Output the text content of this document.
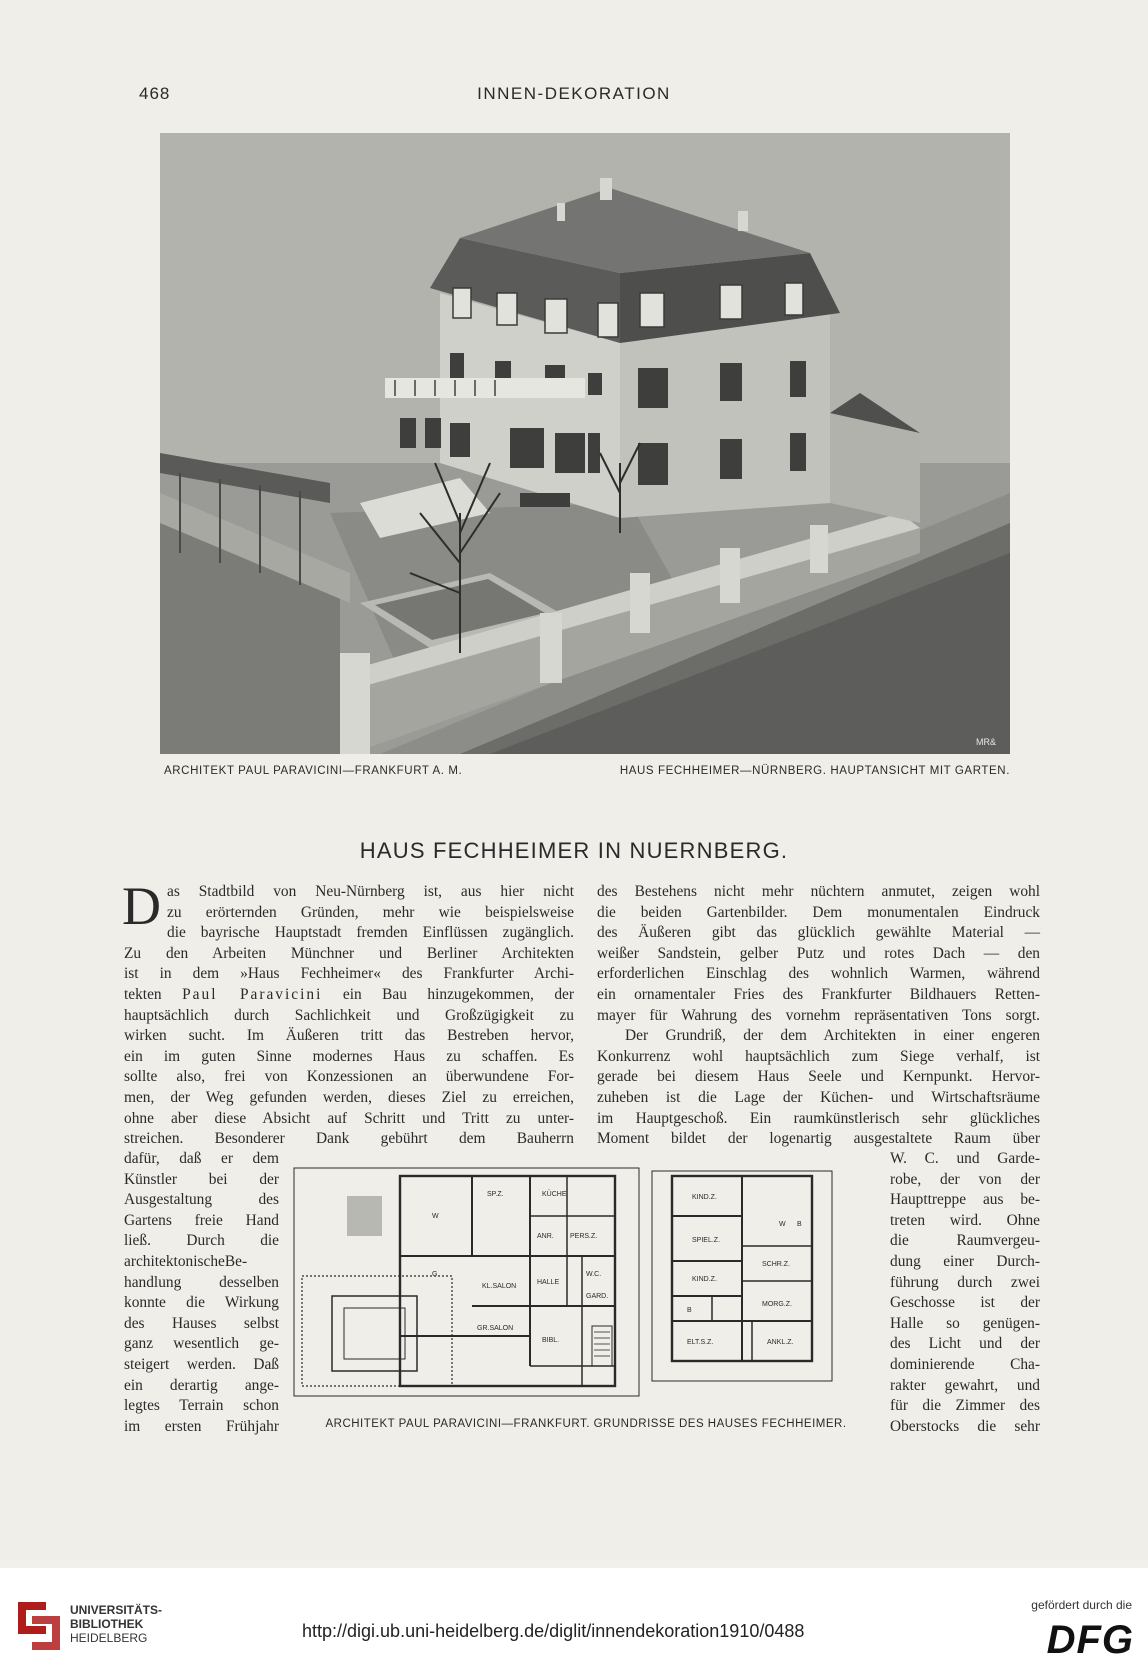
468	INNEN-DEKORATION
MR&
ARCHITEKT PAUL PARAVICINI—FRANKFURT A. M.	HAUS FECHHEIMER—NÜRNBERG. HAUPTANSICHT MIT GARTEN.
HAUS FECHHEIMER IN NUERNBERG.
D as Stadtbild von Neu-Nürnberg ist, aus hier nicht
zu erörternden Gründen, mehr wie beispielsweise
die bayrische Hauptstadt fremden Einflüssen zugänglich.
Zu den Arbeiten Münchner und Berliner Architekten
ist in dem »Haus Fechheimer« des Frankfurter Archi-
tekten Paul Paravicini ein Bau hinzugekommen, der
hauptsächlich durch Sachlichkeit und Großzügigkeit zu
wirken sucht. Im Äußeren tritt das Bestreben hervor,
ein im guten Sinne modernes Haus zu schaffen. Es
sollte also, frei von Konzessionen an überwundene For-
men, der Weg gefunden werden, dieses Ziel zu erreichen,
ohne aber diese Absicht auf Schritt und Tritt zu unter-
streichen. Besonderer Dank gebührt dem Bauherrn
dafür, daß er dem
Künstler bei der
Ausgestaltung des
Gartens freie Hand
ließ. Durch die
architektonischeBe-
handlung desselben
konnte die Wirkung
des Hauses selbst
ganz wesentlich ge-
steigert werden. Daß
ein derartig ange-
legtes Terrain schon
im ersten Frühjahr
des Bestehens nicht mehr nüchtern anmutet, zeigen wohl
die beiden Gartenbilder. Dem monumentalen Eindruck
des Äußeren gibt das glücklich gewählte Material —
weißer Sandstein, gelber Putz und rotes Dach — den
erforderlichen Einschlag des wohnlich Warmen, während
ein ornamentaler Fries des Frankfurter Bildhauers Retten-
mayer für Wahrung des vornehm repräsentativen Tons sorgt.
Der Grundriß, der dem Architekten in einer engeren
Konkurrenz wohl hauptsächlich zum Siege verhalf, ist
gerade bei diesem Haus Seele und Kernpunkt. Hervor-
zuheben ist die Lage der Küchen- und Wirtschaftsräume
im Hauptgeschoß. Ein raumkünstlerisch sehr glückliches
Moment bildet der logenartig ausgestaltete Raum über
W. C. und Garde-
robe, der von der
Haupttreppe aus be-
treten wird. Ohne
die Raumvergeu-
dung einer Durch-
führung durch zwei
Geschosse ist der
Halle so genügen-
des Licht und der
dominierende Cha-
rakter gewahrt, und
für die Zimmer des
Oberstocks die sehr
W
SP.Z.	KÜCHE
ANR. PERS.Z.
G
HALLE
GARD.
W.C.
KL.SALON
GR.SALON
BIBL.
KIND.Z.
SPIEL.Z.
KIND.Z.
SCHR.Z.
B
MORG.Z.
ELT.S.Z.	ANKL.Z.
W B
ARCHITEKT PAUL PARAVICINI—FRANKFURT. GRUNDRISSE DES HAUSES FECHHEIMER.
UNIVERSITÄTS-
BIBLIOTHEK
HEIDELBERG	http://digi.ub.uni-heidelberg.de/diglit/innendekoration1910/0488
gefördert durch die
DFG
